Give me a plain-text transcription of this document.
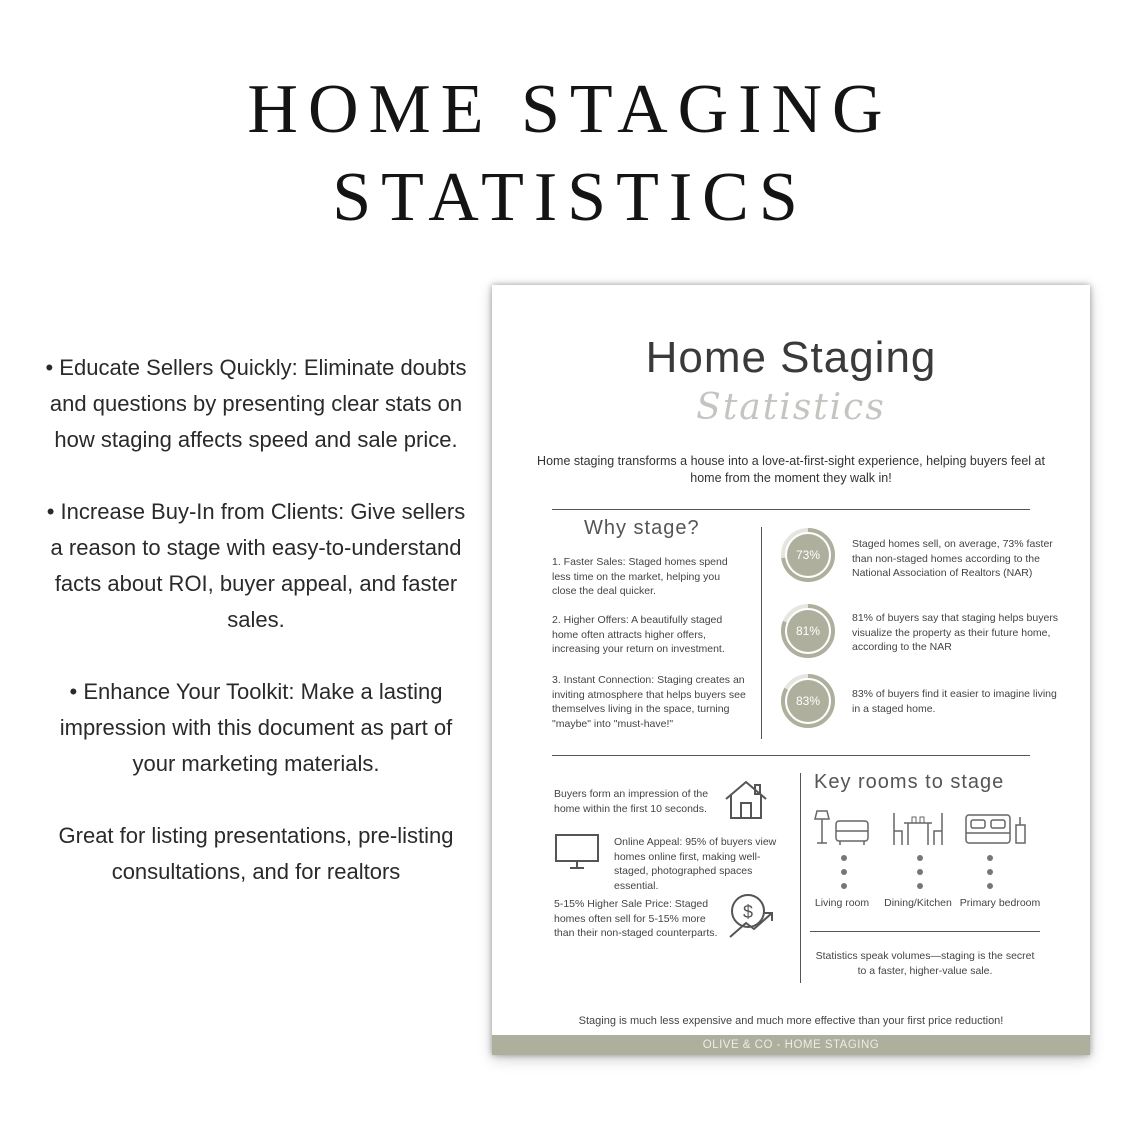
HOME STAGING
STATISTICS

• Educate Sellers Quickly: Eliminate doubts and questions by presenting clear stats on how staging affects speed and sale price.

• Increase Buy-In from Clients: Give sellers a reason to stage with easy-to-understand facts about ROI, buyer appeal, and faster sales.

• Enhance Your Toolkit: Make a lasting impression with this document as part of your marketing materials.

Great for listing presentations, pre-listing consultations, and for realtors

Home Staging
Statistics
Home staging transforms a house into a love-at-first-sight experience, helping buyers feel at home from the moment they walk in!
Why stage?
1. Faster Sales: Staged homes spend less time on the market, helping you close the deal quicker.
2. Higher Offers: A beautifully staged home often attracts higher offers, increasing your return on investment.
3. Instant Connection: Staging creates an inviting atmosphere that helps buyers see themselves living in the space, turning "maybe" into "must-have!"
73%
Staged homes sell, on average, 73% faster than non-staged homes according to the National Association of Realtors (NAR)
81%
81% of buyers say that staging helps buyers visualize the property as their future home, according to the NAR
83%	83% of buyers find it easier to imagine living in a staged home.
Buyers form an impression of the home within the first 10 seconds.
Online Appeal: 95% of buyers view homes online first, making well-staged, photographed spaces essential.
5-15% Higher Sale Price: Staged homes often sell for 5-15% more than their non-staged counterparts.
$
Key rooms to stage
Living room	Dining/Kitchen Primary bedroom
Statistics speak volumes—staging is the secret to a faster, higher-value sale.
Staging is much less expensive and much more effective than your first price reduction!
OLIVE & CO - HOME STAGING
